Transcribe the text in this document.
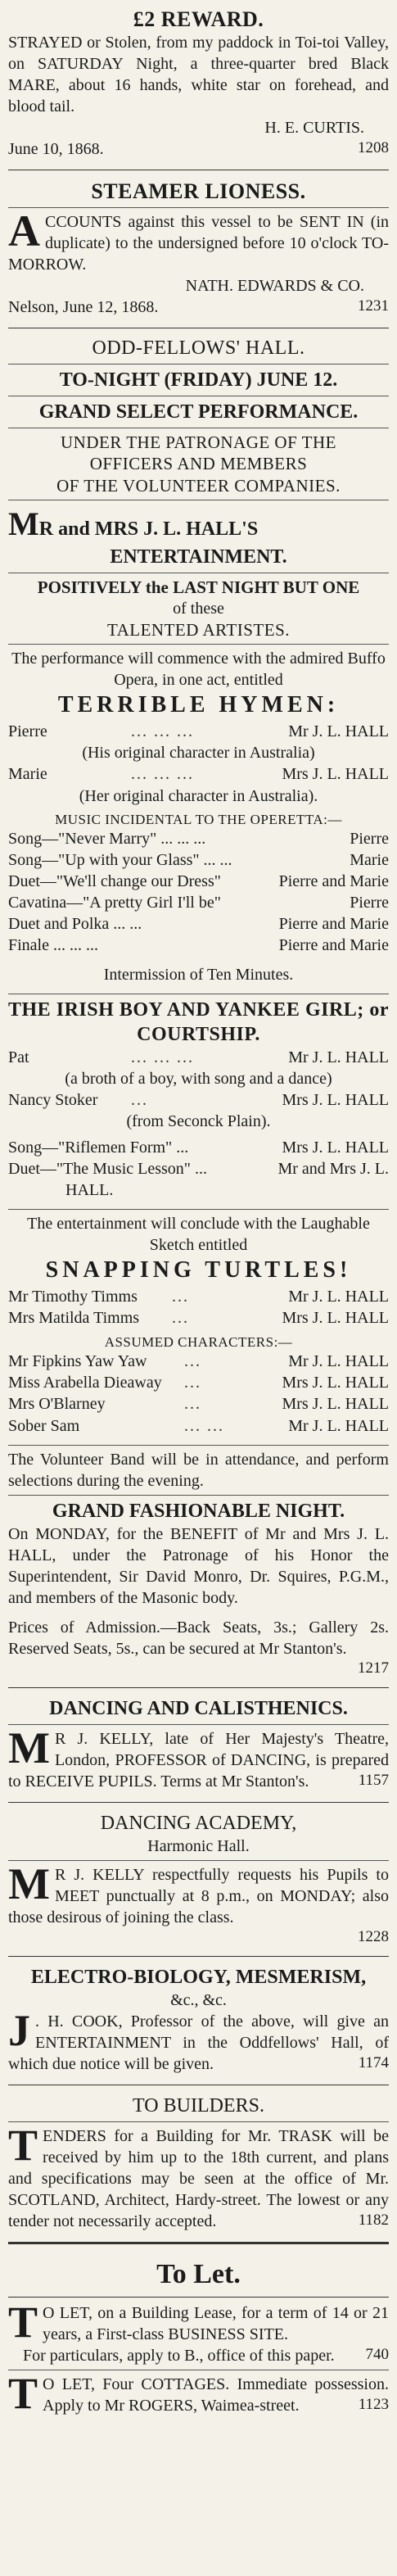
£2 REWARD.
STRAYED or Stolen, from my paddock in Toi-toi Valley, on SATURDAY Night, a three-quarter bred Black MARE, about 16 hands, white star on forehead, and blood tail.
H. E. CURTIS.
June 10, 1868.	1208
STEAMER LIONESS.
ACCOUNTS against this vessel to be SENT IN (in duplicate) to the undersigned before 10 o'clock TO-MORROW.
NATH. EDWARDS & CO.
Nelson, June 12, 1868.	1231
ODD-FELLOWS' HALL.
TO-NIGHT (FRIDAY) JUNE 12.
GRAND SELECT PERFORMANCE.
UNDER THE PATRONAGE OF THE
OFFICERS AND MEMBERS
OF THE VOLUNTEER COMPANIES.
MR and MRS J. L. HALL'S
ENTERTAINMENT.
POSITIVELY the LAST NIGHT BUT ONE
of these
TALENTED ARTISTES.
The performance will commence with the admired Buffo Opera, in one act, entitled
TERRIBLE HYMEN:
Pierre	... ... ...	Mr J. L. HALL
(His original character in Australia)
Marie	... ... ...	Mrs J. L. HALL
(Her original character in Australia).
MUSIC INCIDENTAL TO THE OPERETTA:—
Song—"Never Marry" ... ... ...	Pierre
Song—"Up with your Glass" ... ...	Marie
Duet—"We'll change our Dress"	Pierre and Marie
Cavatina—"A pretty Girl I'll be"	Pierre
Duet and Polka ... ...	Pierre and Marie
Finale ... ... ...	Pierre and Marie
Intermission of Ten Minutes.
THE IRISH BOY AND YANKEE GIRL; or COURTSHIP.
Pat	... ... ...	Mr J. L. HALL
(a broth of a boy, with song and a dance)
Nancy Stoker	...	Mrs J. L. HALL
(from Seconck Plain).
Song—"Riflemen Form" ...	Mrs J. L. HALL
Duet—"The Music Lesson" ...	Mr and Mrs J. L.
HALL.
The entertainment will conclude with the Laughable Sketch entitled
SNAPPING TURTLES!
Mr Timothy Timms	...	Mr J. L. HALL
Mrs Matilda Timms	...	Mrs J. L. HALL
ASSUMED CHARACTERS:—
Mr Fipkins Yaw Yaw	...	Mr J. L. HALL
Miss Arabella Dieaway	...	Mrs J. L. HALL
Mrs O'Blarney	...	Mrs J. L. HALL
Sober Sam	... ...	Mr J. L. HALL
The Volunteer Band will be in attendance, and perform selections during the evening.
GRAND FASHIONABLE NIGHT.
On MONDAY, for the BENEFIT of Mr and Mrs J. L. HALL, under the Patronage of his Honor the Superintendent, Sir David Monro, Dr. Squires, P.G.M., and members of the Masonic body.
Prices of Admission.—Back Seats, 3s.; Gallery 2s. Reserved Seats, 5s., can be secured at Mr Stanton's.
1217
DANCING AND CALISTHENICS.
M R J. KELLY, late of Her Majesty's Theatre, London, PROFESSOR of DANCING, is prepared to RECEIVE PUPILS. Terms at Mr Stanton's.	1157
DANCING ACADEMY,
Harmonic Hall.
M R J. KELLY respectfully requests his Pupils to MEET punctually at 8 p.m., on MONDAY; also those desirous of joining the class.
1228
ELECTRO-BIOLOGY, MESMERISM,
&c., &c.
J . H. COOK, Professor of the above, will give an ENTERTAINMENT in the Oddfellows' Hall, of which due notice will be given.	1174
TO BUILDERS.
TENDERS for a Building for Mr. TRASK will be received by him up to the 18th current, and plans and specifications may be seen at the office of Mr. SCOTLAND, Architect, Hardy-street. The lowest or any tender not necessarily accepted.	1182
To Let.
T O LET, on a Building Lease, for a term of 14 or 21 years, a First-class BUSINESS SITE.
For particulars, apply to B., office of this paper.	740
T O LET, Four COTTAGES. Immediate possession. Apply to Mr ROGERS, Waimea-street.	1123
